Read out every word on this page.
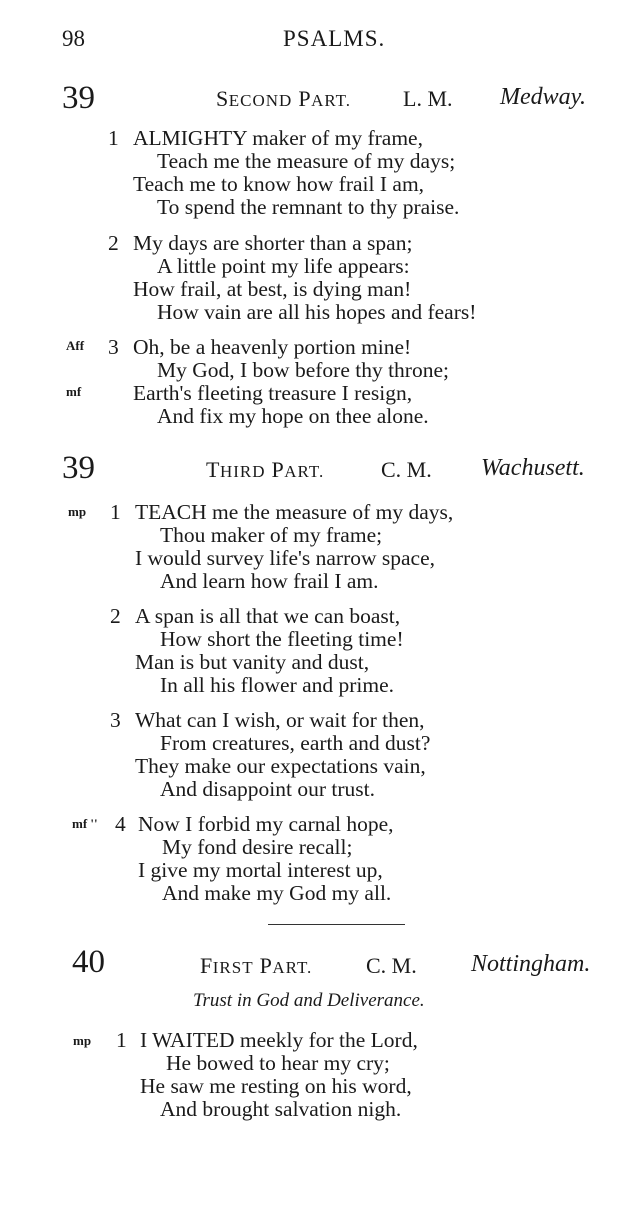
98	PSALMS.
39	SECOND PART. L. M. Medway.
1 ALMIGHTY maker of my frame,
Teach me the measure of my days;
Teach me to know how frail I am,
To spend the remnant to thy praise.
2 My days are shorter than a span;
A little point my life appears:
How frail, at best, is dying man!
How vain are all his hopes and fears!
Aff 3 Oh, be a heavenly portion mine!
My God, I bow before thy throne;
mf Earth's fleeting treasure I resign,
And fix my hope on thee alone.
39	THIRD PART.	C. M. Wachusett.
mp 1 TEACH me the measure of my days,
Thou maker of my frame;
I would survey life's narrow space,
And learn how frail I am.
2 A span is all that we can boast,
How short the fleeting time!
Man is but vanity and dust,
In all his flower and prime.
3 What can I wish, or wait for then,
From creatures, earth and dust?
They make our expectations vain,
And disappoint our trust.
mf '' 4 Now I forbid my carnal hope,
My fond desire recall;
I give my mortal interest up,
And make my God my all.
40	FIRST PART. C. M. Nottingham.
Trust in God and Deliverance.
mp 1 I WAITED meekly for the Lord,
He bowed to hear my cry;
He saw me resting on his word,
And brought salvation nigh.
